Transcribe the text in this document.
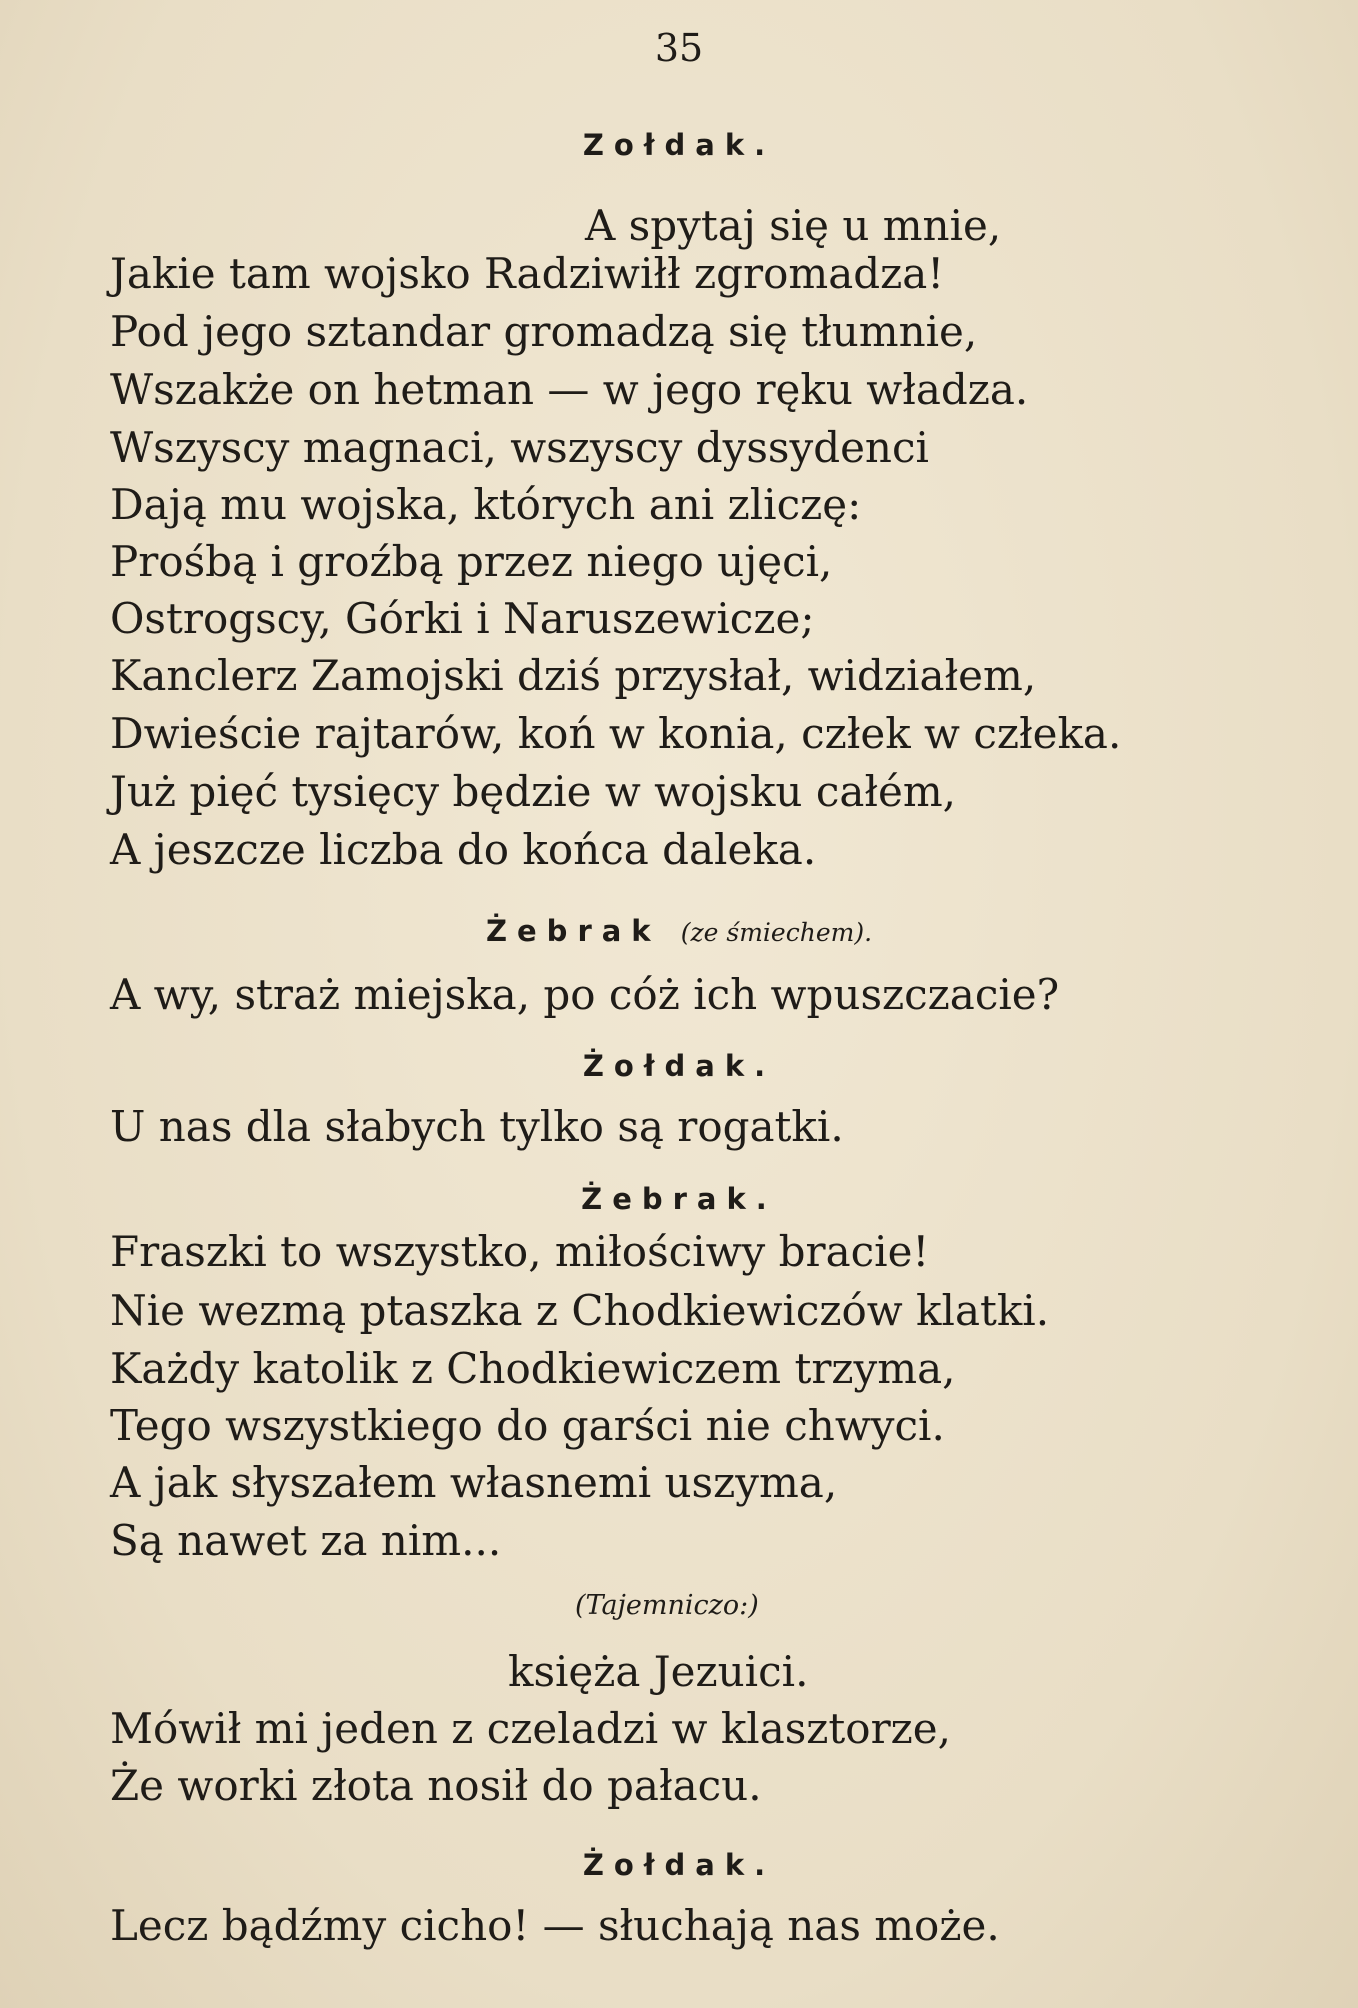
35
Zołdak.
A spytaj się u mnie,
Jakie tam wojsko Radziwiłł zgromadza!
Pod jego sztandar gromadzą się tłumnie,
Wszakże on hetman — w jego ręku władza.
Wszyscy magnaci, wszyscy dyssydenci
Dają mu wojska, których ani zliczę:
Prośbą i groźbą przez niego ujęci,
Ostrogscy, Górki i Naruszewicze;
Kanclerz Zamojski dziś przysłał, widziałem,
Dwieście rajtarów, koń w konia, człek w człeka.
Już pięć tysięcy będzie w wojsku całém,
A jeszcze liczba do końca daleka.
Żebrak (ze śmiechem).
A wy, straż miejska, po cóż ich wpuszczacie?
Żołdak.
U nas dla słabych tylko są rogatki.
Żebrak.
Fraszki to wszystko, miłościwy bracie!
Nie wezmą ptaszka z Chodkiewiczów klatki.
Każdy katolik z Chodkiewiczem trzyma,
Tego wszystkiego do garści nie chwyci.
A jak słyszałem własnemi uszyma,
Są nawet za nim...
(Tajemniczo:)
księża Jezuici.
Mówił mi jeden z czeladzi w klasztorze,
Że worki złota nosił do pałacu.
Żołdak.
Lecz bądźmy cicho! — słuchają nas może.
